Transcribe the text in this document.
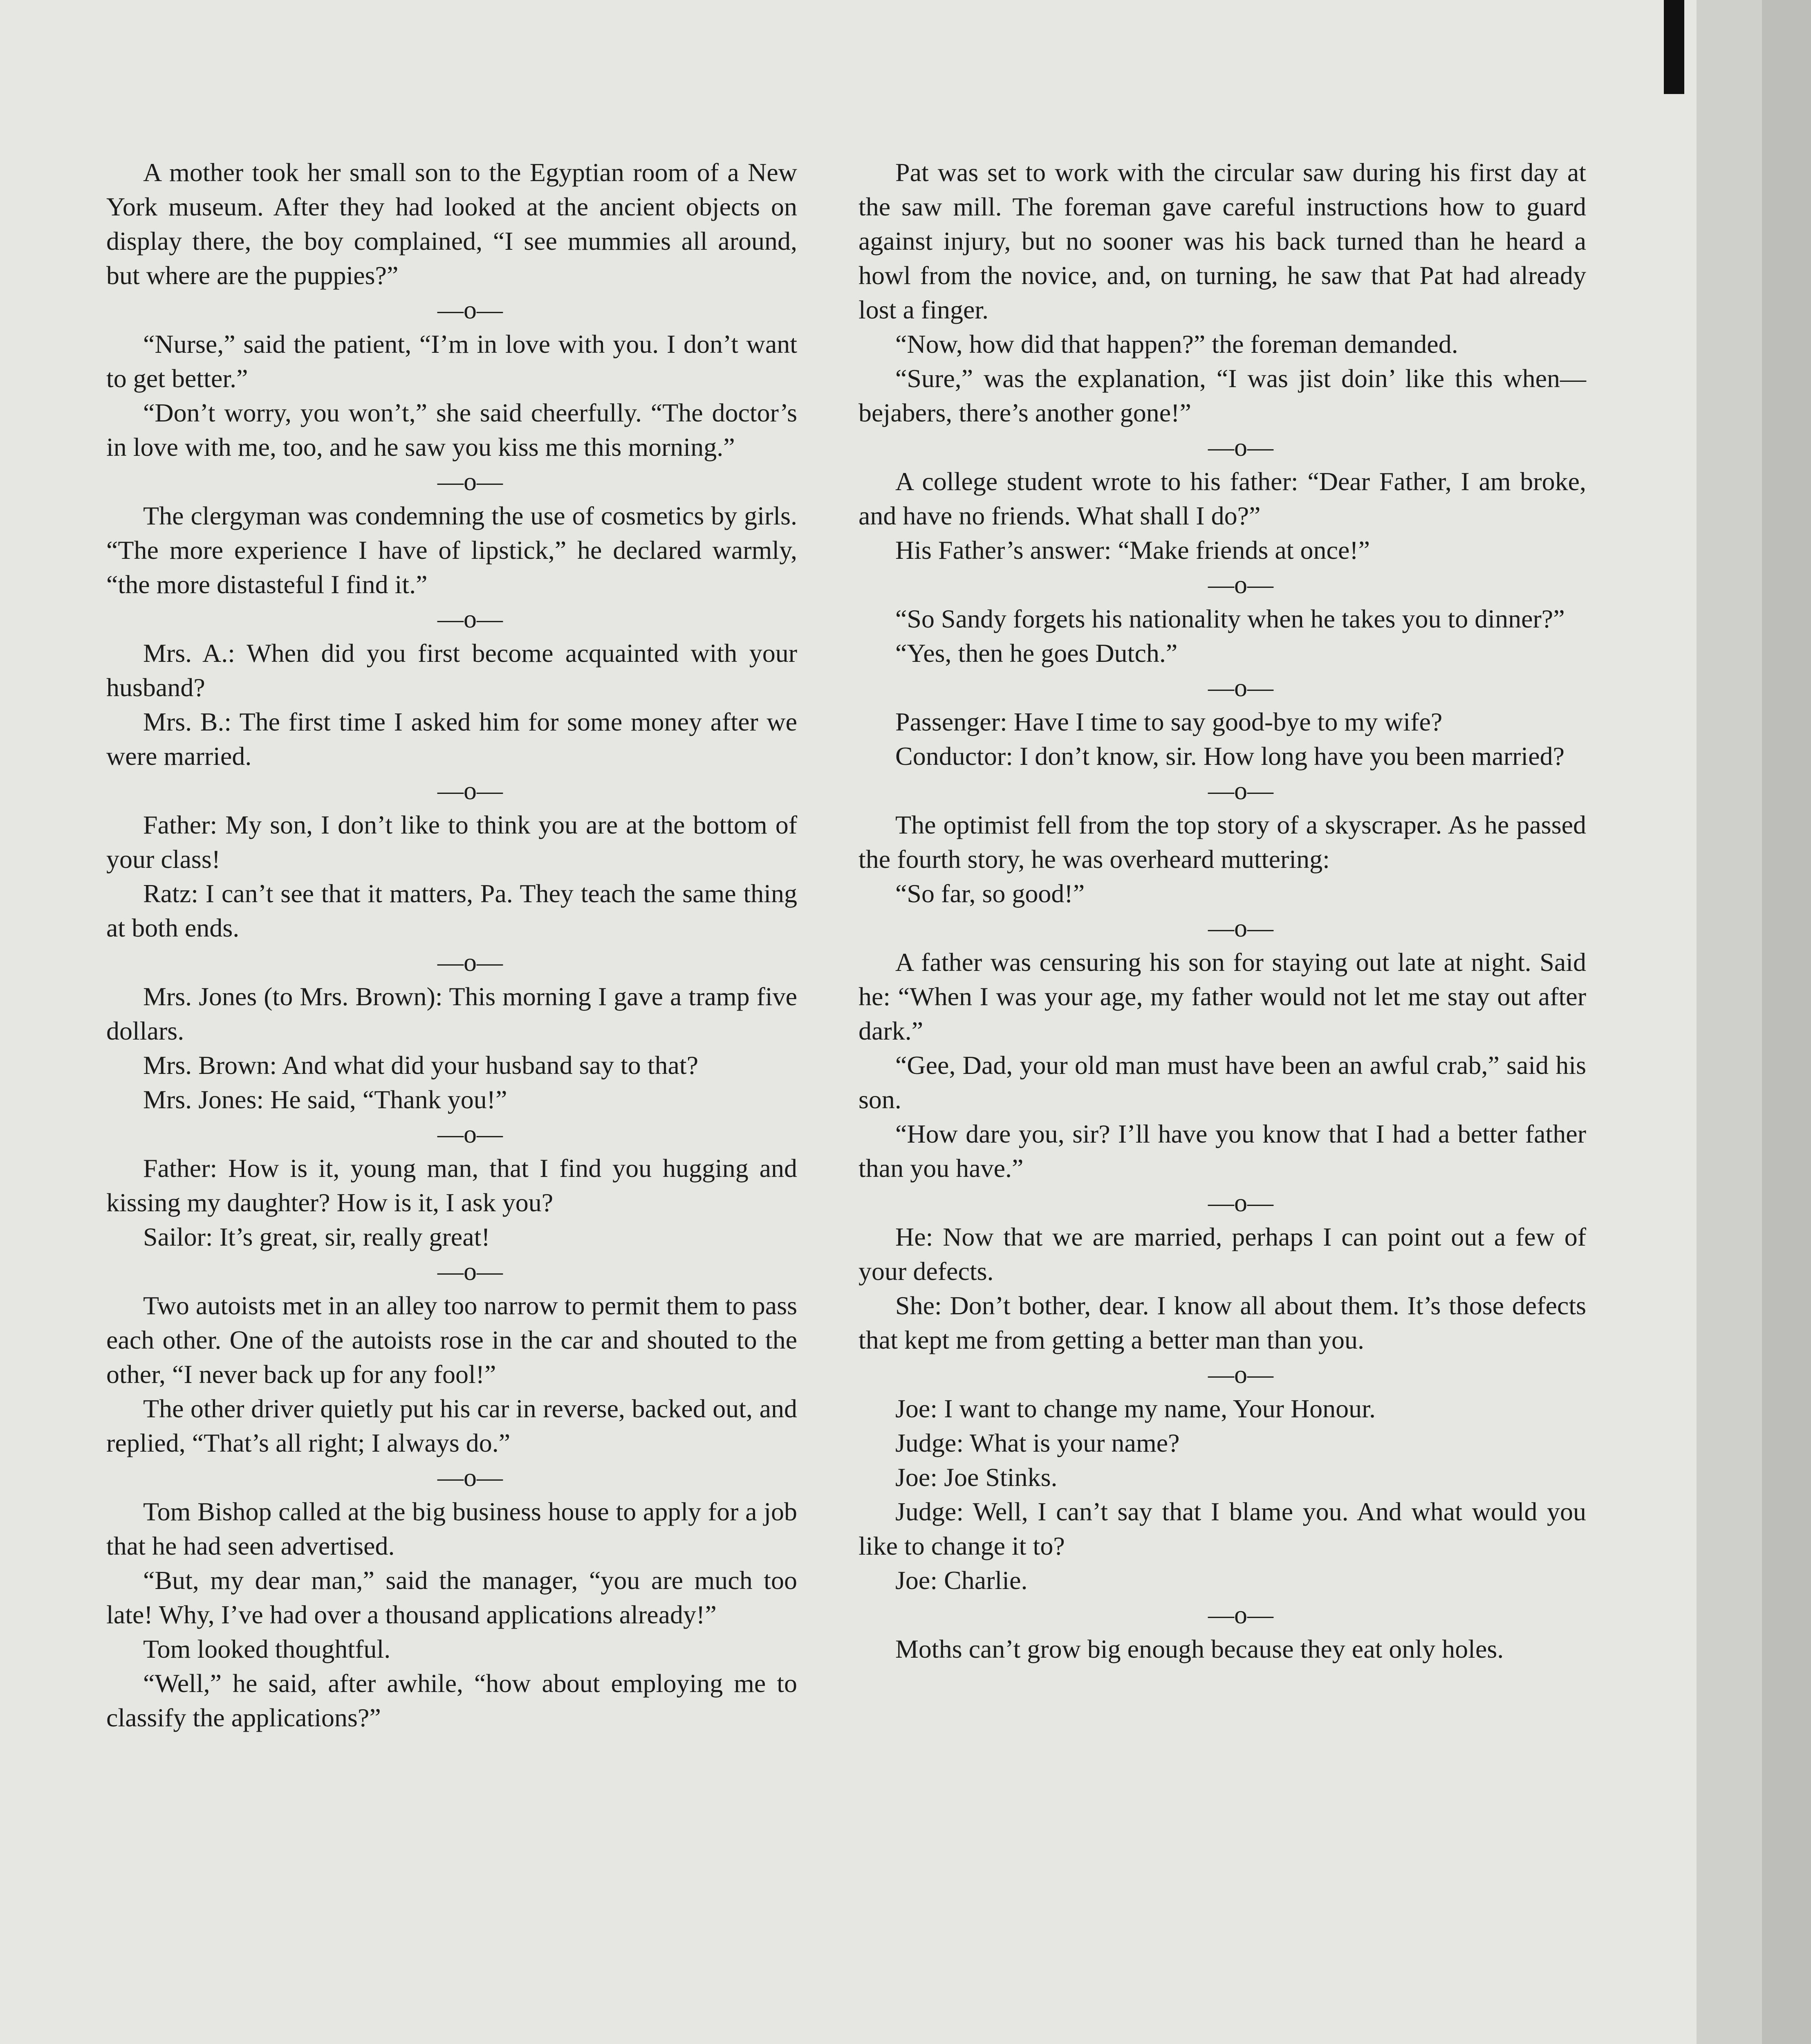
A mother took her small son to the Egyptian room of a New York museum. After they had looked at the ancient objects on display there, the boy complained, “I see mummies all around, but where are the puppies?”

—o—

“Nurse,” said the patient, “I’m in love with you. I don’t want to get better.”

“Don’t worry, you won’t,” she said cheerfully. “The doctor’s in love with me, too, and he saw you kiss me this morning.”

—o—

The clergyman was condemning the use of cosmetics by girls. “The more experience I have of lipstick,” he declared warmly, “the more distasteful I find it.”

—o—

Mrs. A.: When did you first become acquainted with your husband?

Mrs. B.: The first time I asked him for some money after we were married.

—o—

Father: My son, I don’t like to think you are at the bottom of your class!

Ratz: I can’t see that it matters, Pa. They teach the same thing at both ends.

—o—

Mrs. Jones (to Mrs. Brown): This morning I gave a tramp five dollars.

Mrs. Brown: And what did your husband say to that?

Mrs. Jones: He said, “Thank you!”

—o—

Father: How is it, young man, that I find you hugging and kissing my daughter? How is it, I ask you?

Sailor: It’s great, sir, really great!

—o—

Two autoists met in an alley too narrow to permit them to pass each other. One of the autoists rose in the car and shouted to the other, “I never back up for any fool!”

The other driver quietly put his car in reverse, backed out, and replied, “That’s all right; I always do.”

—o—

Tom Bishop called at the big business house to apply for a job that he had seen advertised.

“But, my dear man,” said the manager, “you are much too late! Why, I’ve had over a thousand applications already!”

Tom looked thoughtful.

“Well,” he said, after awhile, “how about employing me to classify the applications?”

Pat was set to work with the circular saw during his first day at the saw mill. The foreman gave careful instructions how to guard against injury, but no sooner was his back turned than he heard a howl from the novice, and, on turning, he saw that Pat had already lost a finger.

“Now, how did that happen?” the foreman demanded.

“Sure,” was the explanation, “I was jist doin’ like this when—bejabers, there’s another gone!”

—o—

A college student wrote to his father: “Dear Father, I am broke, and have no friends. What shall I do?”

His Father’s answer: “Make friends at once!”

—o—

“So Sandy forgets his nationality when he takes you to dinner?”

“Yes, then he goes Dutch.”

—o—

Passenger: Have I time to say good-bye to my wife?

Conductor: I don’t know, sir. How long have you been married?

—o—

The optimist fell from the top story of a skyscraper. As he passed the fourth story, he was overheard muttering:

“So far, so good!”

—o—

A father was censuring his son for staying out late at night. Said he: “When I was your age, my father would not let me stay out after dark.”

“Gee, Dad, your old man must have been an awful crab,” said his son.

“How dare you, sir? I’ll have you know that I had a better father than you have.”

—o—

He: Now that we are married, perhaps I can point out a few of your defects.

She: Don’t bother, dear. I know all about them. It’s those defects that kept me from getting a better man than you.

—o—

Joe: I want to change my name, Your Honour.

Judge: What is your name?

Joe: Joe Stinks.

Judge: Well, I can’t say that I blame you. And what would you like to change it to?

Joe: Charlie.

—o—

Moths can’t grow big enough because they eat only holes.
